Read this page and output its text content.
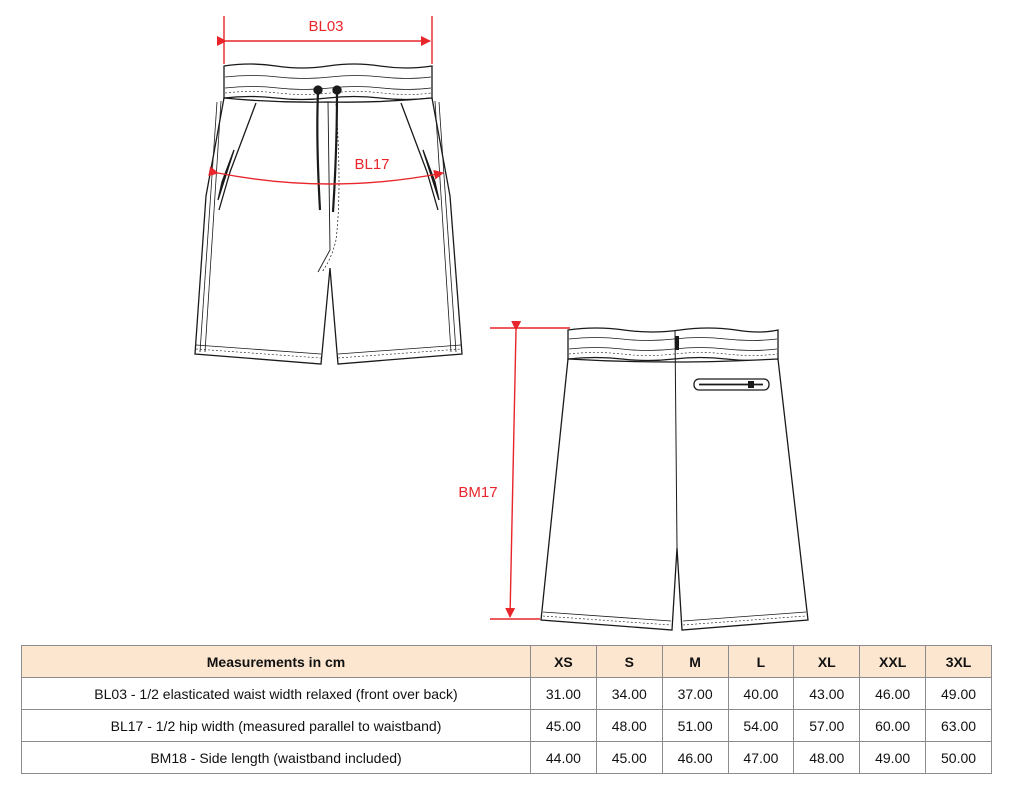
BL03
BL17
BM17
Measurements in cm	XS	S	M	L	XL	XXL	3XL
BL03 - 1/2 elasticated waist width relaxed (front over back)	31.00	34.00	37.00	40.00	43.00	46.00	49.00
BL17 - 1/2 hip width (measured parallel to waistband)	45.00	48.00	51.00	54.00	57.00	60.00	63.00
BM18 - Side length (waistband included)	44.00	45.00	46.00	47.00	48.00	49.00	50.00
